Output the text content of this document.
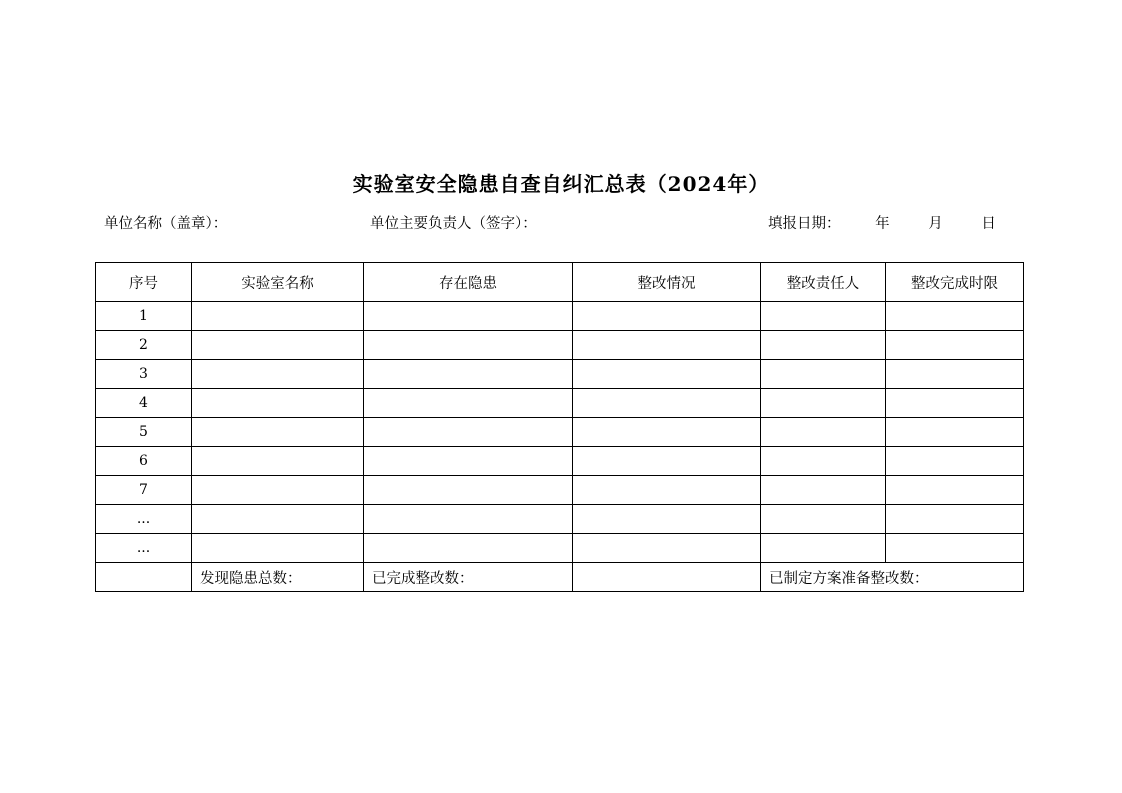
实验室安全隐患自查自纠汇总表（2024年）
单位名称（盖章）：	单位主要负责人（签字）：	填报日期： 年	月	日
序号	实验室名称	存在隐患	整改情况	整改责任人	整改完成时限
1					
2					
3					
4					
5					
6					
7					
...					
...					
	发现隐患总数：	已完成整改数：		已制定方案准备整改数：	
